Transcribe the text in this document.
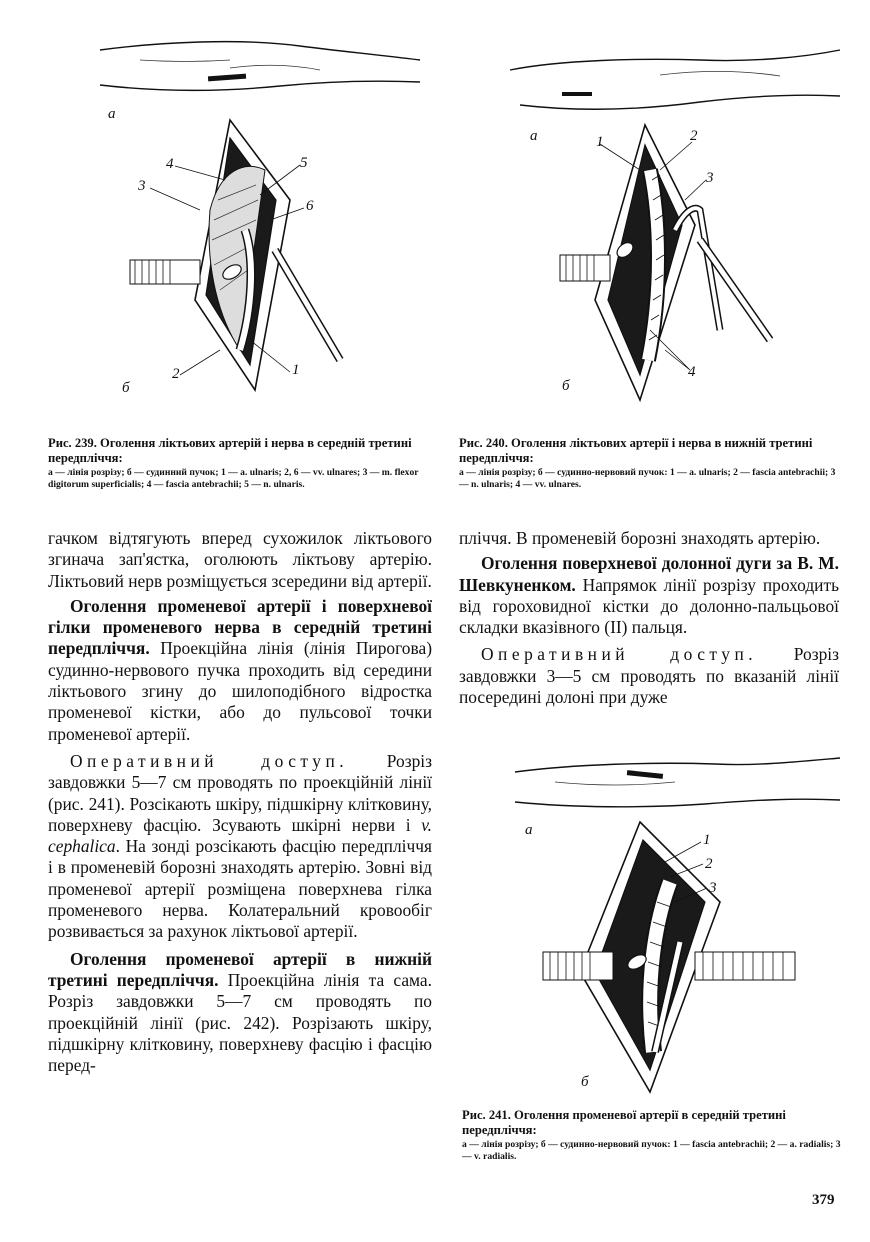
а
б
4
3
5
6
1
2
Рис. 239. Оголення ліктьових артерій і нерва в середній третині передпліччя:
а — лінія розрізу; б — судинний пучок; 1 — a. ulnaris; 2, 6 — vv. ulnares; 3 — m. flexor digitorum superficialis; 4 — fascia antebrachii; 5 — n. ulnaris.
а
б
1	2
3
4
Рис. 240. Оголення ліктьових артерії і нерва в нижній третині передпліччя:
а — лінія розрізу; б — судинно-нервовий пучок: 1 — a. ulnaris; 2 — fascia antebrachii; 3 — n. ulnaris; 4 — vv. ulnares.

гачком відтягують вперед сухожилок ліктьового згинача зап'ястка, оголюють ліктьову артерію. Ліктьовий нерв розміщується зсередини від артерії.

Оголення променевої артерії і поверхневої гілки променевого нерва в середній третині передпліччя. Проекційна лінія (лінія Пирогова) судинно-нервового пучка проходить від середини ліктьового згину до шилоподібного відростка променевої кістки, або до пульсової точки променевої артерії.

Оперативний доступ. Розріз завдовжки 5—7 см проводять по проекційній лінії (рис. 241). Розсікають шкіру, підшкірну клітковину, поверхневу фасцію. Зсувають шкірні нерви і v. cephalica. На зонді розсікають фасцію передпліччя і в променевій борозні знаходять артерію. Зовні від променевої артерії розміщена поверхнева гілка променевого нерва. Колатеральний кровообіг розвивається за рахунок ліктьової артерії.

Оголення променевої артерії в нижній третині передпліччя. Проекційна лінія та сама. Розріз завдовжки 5—7 см проводять по проекційній лінії (рис. 242). Розрізають шкіру, підшкірну клітковину, поверхневу фасцію і фасцію перед-

пліччя. В променевій борозні знаходять артерію.

Оголення поверхневої долонної дуги за В. М. Шевкуненком. Напрямок лінії розрізу проходить від гороховидної кістки до долонно-пальцьової складки вказівного (II) пальця.

Оперативний доступ. Розріз завдовжки 3—5 см проводять по вказаній лінії посередині долоні при дуже

а
б
1
2
3
Рис. 241. Оголення променевої артерії в середній третині передпліччя:
а — лінія розрізу; б — судинно-нервовий пучок: 1 — fascia antebrachii; 2 — a. radialis; 3 — v. radialis.
379
